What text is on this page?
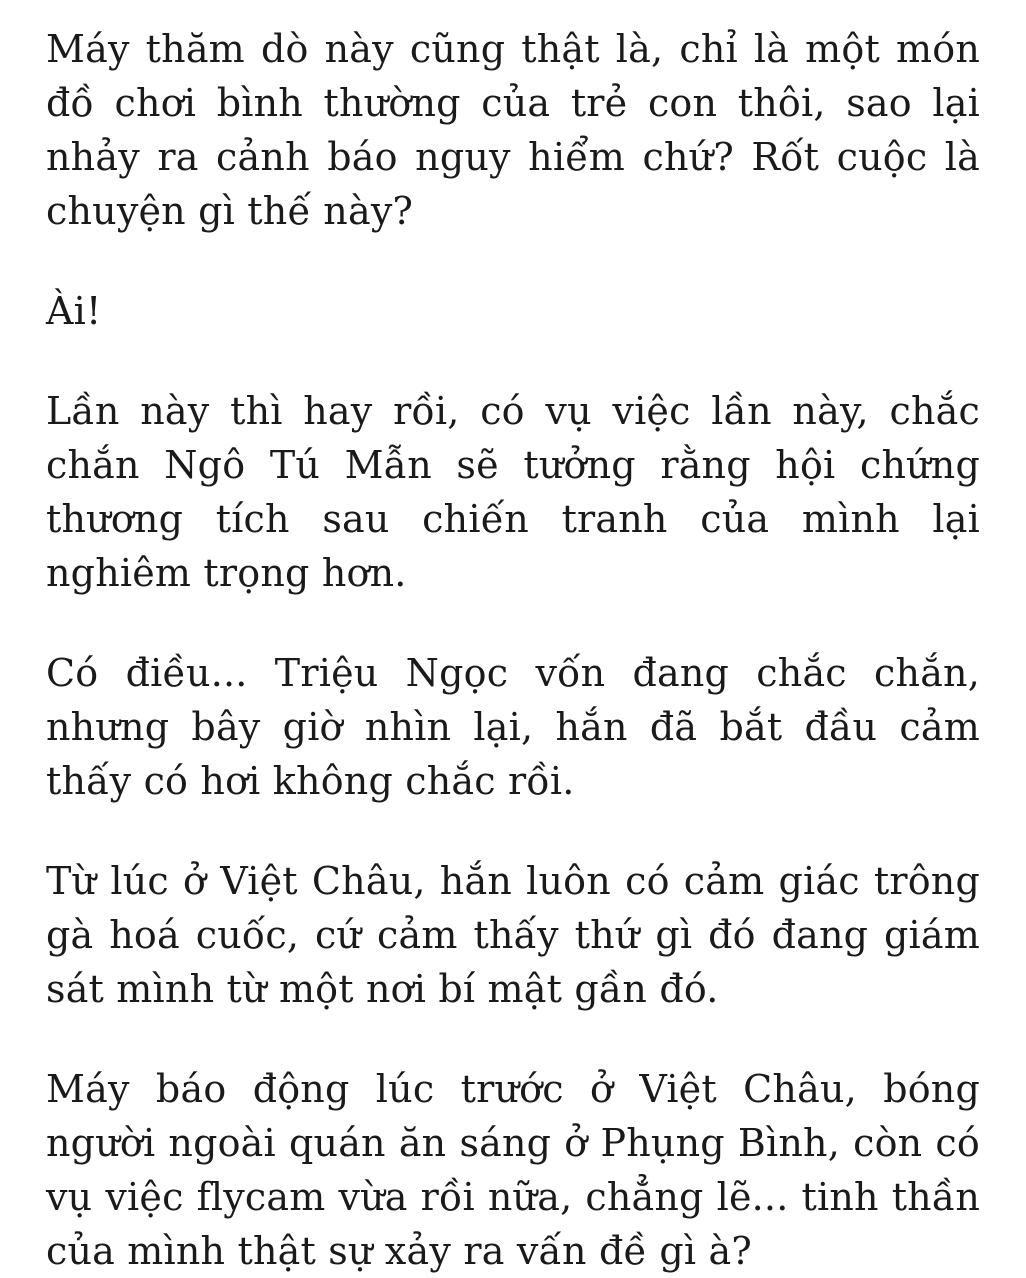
Máy thăm dò này cũng thật là, chỉ là một món đồ chơi bình thường của trẻ con thôi, sao lại nhảy ra cảnh báo nguy hiểm chứ? Rốt cuộc là chuyện gì thế này?

Ài!

Lần này thì hay rồi, có vụ việc lần này, chắc chắn Ngô Tú Mẫn sẽ tưởng rằng hội chứng thương tích sau chiến tranh của mình lại nghiêm trọng hơn.

Có điều... Triệu Ngọc vốn đang chắc chắn, nhưng bây giờ nhìn lại, hắn đã bắt đầu cảm thấy có hơi không chắc rồi.

Từ lúc ở Việt Châu, hắn luôn có cảm giác trông gà hoá cuốc, cứ cảm thấy thứ gì đó đang giám sát mình từ một nơi bí mật gần đó.

Máy báo động lúc trước ở Việt Châu, bóng người ngoài quán ăn sáng ở Phụng Bình, còn có vụ việc flycam vừa rồi nữa, chẳng lẽ... tinh thần của mình thật sự xảy ra vấn đề gì à?
